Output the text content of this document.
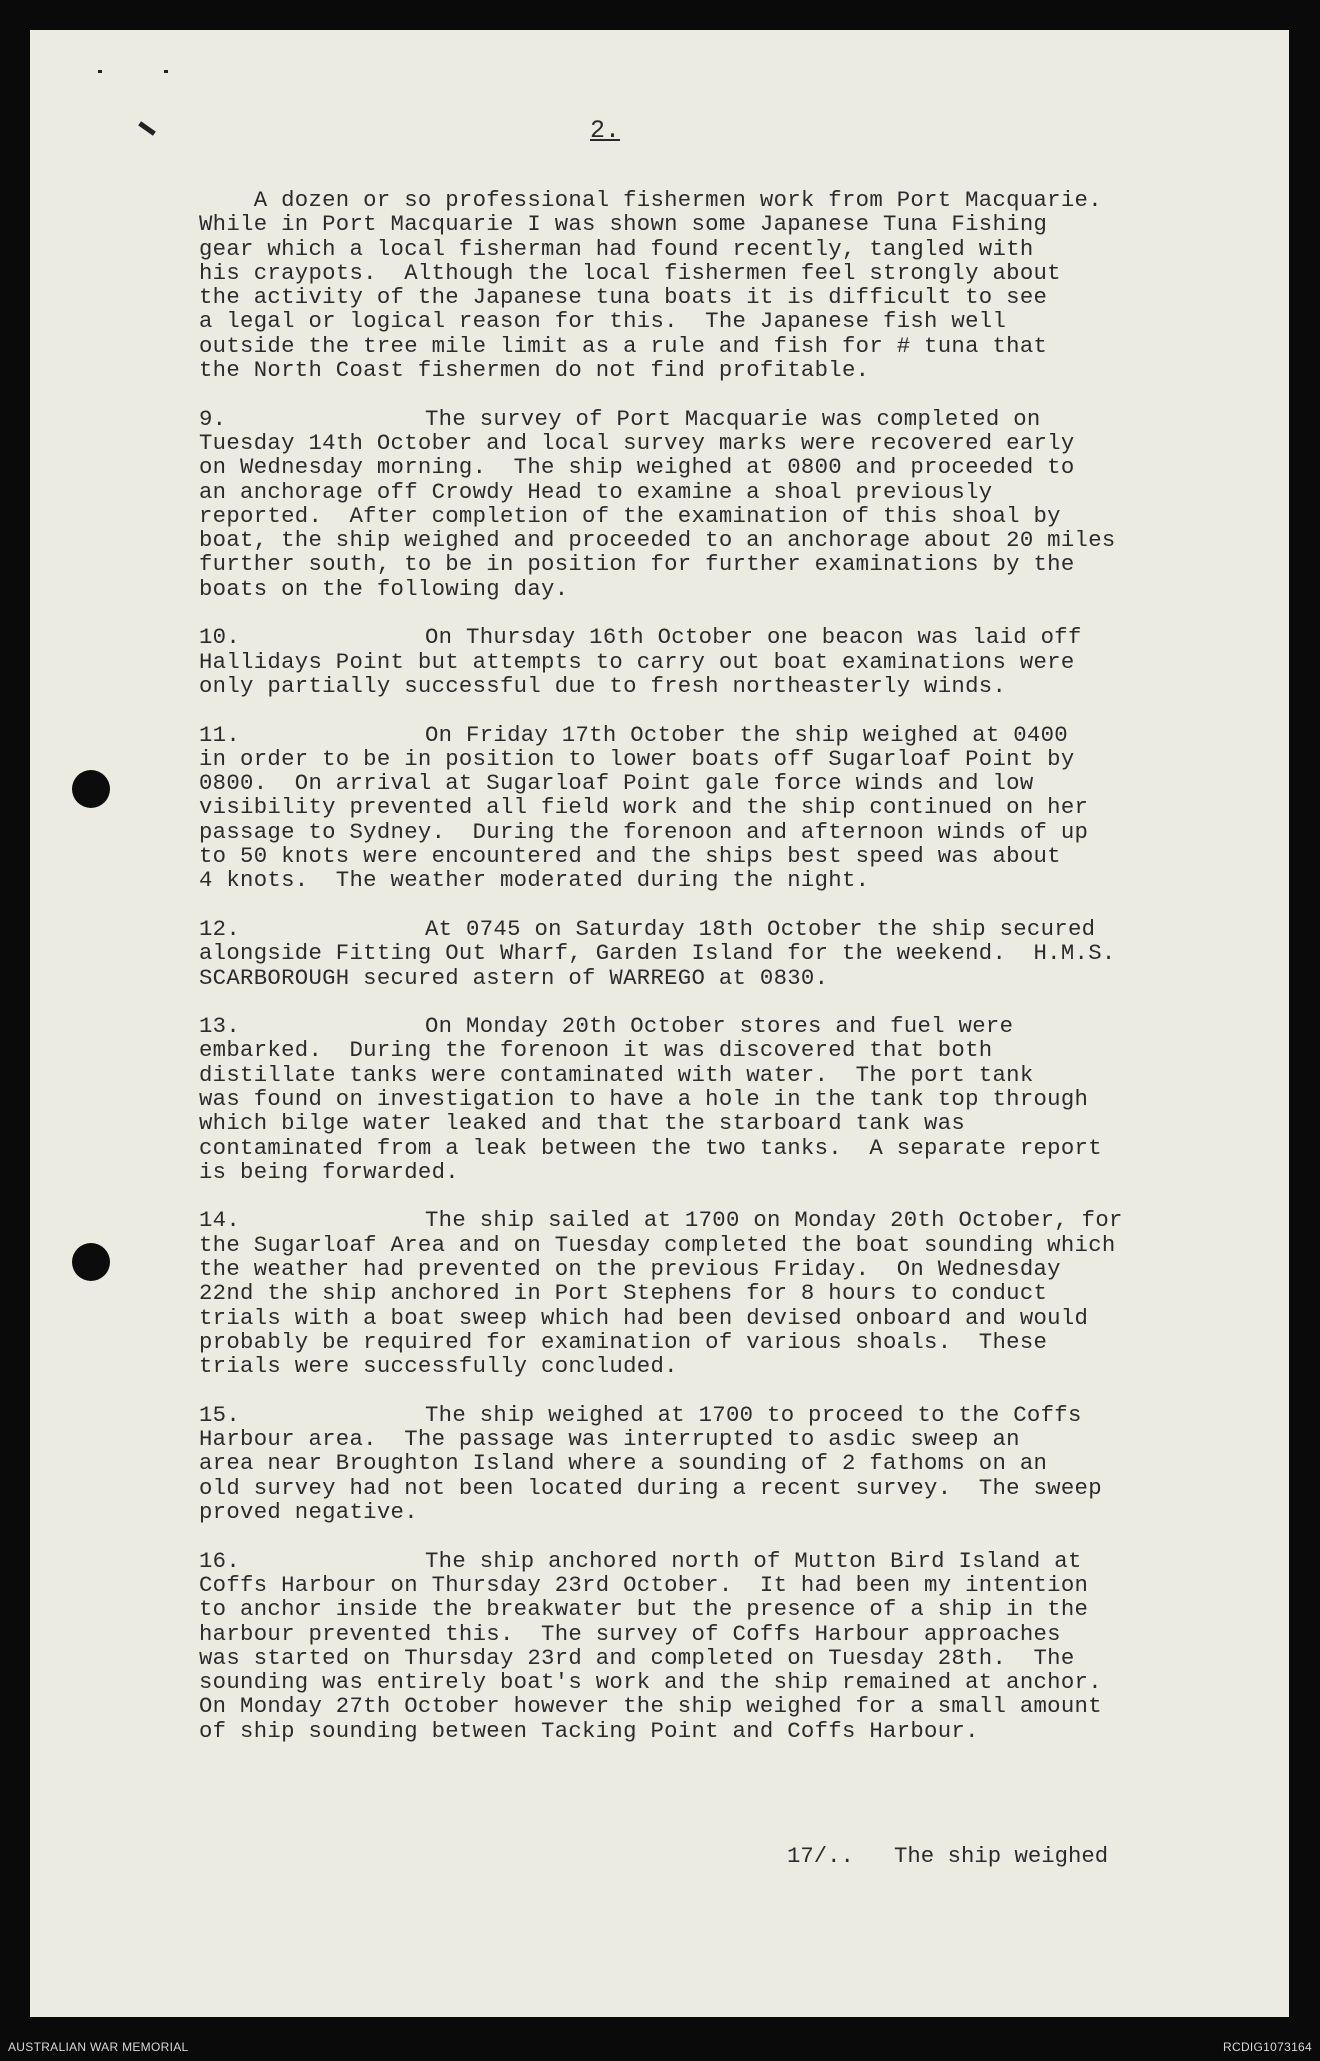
2.
A dozen or so professional fishermen work from Port Macquarie.
While in Port Macquarie I was shown some Japanese Tuna Fishing
gear which a local fisherman had found recently, tangled with
his craypots.  Although the local fishermen feel strongly about
the activity of the Japanese tuna boats it is difficult to see
a legal or logical reason for this.  The Japanese fish well
outside the tree mile limit as a rule and fish for # tuna that
the North Coast fishermen do not find profitable.
9.	The survey of Port Macquarie was completed on
Tuesday 14th October and local survey marks were recovered early
on Wednesday morning.  The ship weighed at 0800 and proceeded to
an anchorage off Crowdy Head to examine a shoal previously
reported.  After completion of the examination of this shoal by
boat, the ship weighed and proceeded to an anchorage about 20 miles
further south, to be in position for further examinations by the
boats on the following day.
10.	On Thursday 16th October one beacon was laid off
Hallidays Point but attempts to carry out boat examinations were
only partially successful due to fresh northeasterly winds.
11.	On Friday 17th October the ship weighed at 0400
in order to be in position to lower boats off Sugarloaf Point by
0800.  On arrival at Sugarloaf Point gale force winds and low
visibility prevented all field work and the ship continued on her
passage to Sydney.  During the forenoon and afternoon winds of up
to 50 knots were encountered and the ships best speed was about
4 knots.  The weather moderated during the night.
12.	At 0745 on Saturday 18th October the ship secured
alongside Fitting Out Wharf, Garden Island for the weekend.  H.M.S.
SCARBOROUGH secured astern of WARREGO at 0830.
13.	On Monday 20th October stores and fuel were
embarked.  During the forenoon it was discovered that both
distillate tanks were contaminated with water.  The port tank
was found on investigation to have a hole in the tank top through
which bilge water leaked and that the starboard tank was
contaminated from a leak between the two tanks.  A separate report
is being forwarded.
14.	The ship sailed at 1700 on Monday 20th October, for
the Sugarloaf Area and on Tuesday completed the boat sounding which
the weather had prevented on the previous Friday.  On Wednesday
22nd the ship anchored in Port Stephens for 8 hours to conduct
trials with a boat sweep which had been devised onboard and would
probably be required for examination of various shoals.  These
trials were successfully concluded.
15.	The ship weighed at 1700 to proceed to the Coffs
Harbour area.  The passage was interrupted to asdic sweep an
area near Broughton Island where a sounding of 2 fathoms on an
old survey had not been located during a recent survey.  The sweep
proved negative.
16.	The ship anchored north of Mutton Bird Island at
Coffs Harbour on Thursday 23rd October.  It had been my intention
to anchor inside the breakwater but the presence of a ship in the
harbour prevented this.  The survey of Coffs Harbour approaches
was started on Thursday 23rd and completed on Tuesday 28th.  The
sounding was entirely boat's work and the ship remained at anchor.
On Monday 27th October however the ship weighed for a small amount
of ship sounding between Tacking Point and Coffs Harbour.
17/..   The ship weighed
AUSTRALIAN WAR MEMORIAL	RCDIG1073164
